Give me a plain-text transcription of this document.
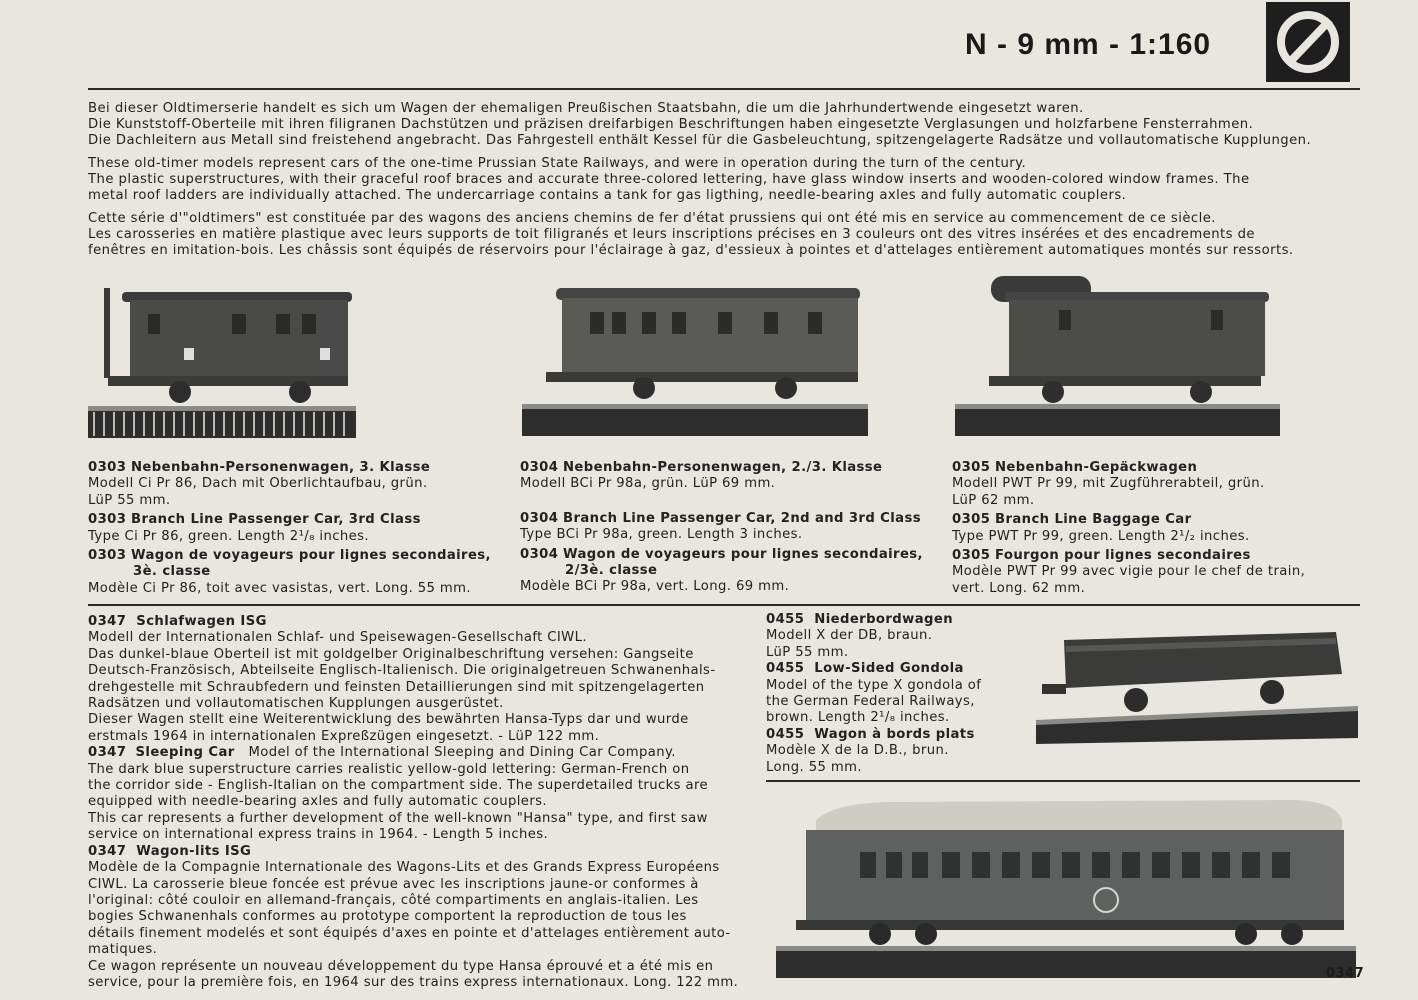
N - 9 mm - 1:160

Bei dieser Oldtimerserie handelt es sich um Wagen der ehemaligen Preußischen Staatsbahn, die um die Jahrhundertwende eingesetzt waren.

Die Kunststoff-Oberteile mit ihren filigranen Dachstützen und präzisen dreifarbigen Beschriftungen haben eingesetzte Verglasungen und holzfarbene Fensterrahmen.

Die Dachleitern aus Metall sind freistehend angebracht. Das Fahrgestell enthält Kessel für die Gasbeleuchtung, spitzengelagerte Radsätze und vollautomatische Kupplungen.

These old-timer models represent cars of the one-time Prussian State Railways, and were in operation during the turn of the century.

The plastic superstructures, with their graceful roof braces and accurate three-colored lettering, have glass window inserts and wooden-colored window frames. The

metal roof ladders are individually attached. The undercarriage contains a tank for gas ligthing, needle-bearing axles and fully automatic couplers.

Cette série d'"oldtimers" est constituée par des wagons des anciens chemins de fer d'état prussiens qui ont été mis en service au commencement de ce siècle.

Les carosseries en matière plastique avec leurs supports de toit filigranés et leurs inscriptions précises en 3 couleurs ont des vitres insérées et des encadrements de

fenêtres en imitation-bois. Les châssis sont équipés de réservoirs pour l'éclairage à gaz, d'essieux à pointes et d'attelages entièrement automatiques montés sur ressorts.

0303 Nebenbahn-Personenwagen, 3. Klasse
Modell Ci Pr 86, Dach mit Oberlichtaufbau, grün.
LüP 55 mm.
0303 Branch Line Passenger Car, 3rd Class
Type Ci Pr 86, green. Length 2¹/₈ inches.
0303 Wagon de voyageurs pour lignes secondaires,
3è. classe
Modèle Ci Pr 86, toit avec vasistas, vert. Long. 55 mm.
0304 Nebenbahn-Personenwagen, 2./3. Klasse
Modell BCi Pr 98a, grün. LüP 69 mm.
0304 Branch Line Passenger Car, 2nd and 3rd Class
Type BCi Pr 98a, green. Length 3 inches.
0304 Wagon de voyageurs pour lignes secondaires,
2/3è. classe
Modèle BCi Pr 98a, vert. Long. 69 mm.
0305 Nebenbahn-Gepäckwagen
Modell PWT Pr 99, mit Zugführerabteil, grün.
LüP 62 mm.
0305 Branch Line Baggage Car
Type PWT Pr 99, green. Length 2¹/₂ inches.
0305 Fourgon pour lignes secondaires
Modèle PWT Pr 99 avec vigie pour le chef de train,
vert. Long. 62 mm.
0347 Schlafwagen ISG
Modell der Internationalen Schlaf- und Speisewagen-Gesellschaft CIWL.
Das dunkel-blaue Oberteil ist mit goldgelber Originalbeschriftung versehen: Gangseite
Deutsch-Französisch, Abteilseite Englisch-Italienisch. Die originalgetreuen Schwanenhals-
drehgestelle mit Schraubfedern und feinsten Detaillierungen sind mit spitzengelagerten
Radsätzen und vollautomatischen Kupplungen ausgerüstet.
Dieser Wagen stellt eine Weiterentwicklung des bewährten Hansa-Typs dar und wurde
erstmals 1964 in internationalen Expreßzügen eingesetzt. - LüP 122 mm.
0347 Sleeping Car Model of the International Sleeping and Dining Car Company.
The dark blue superstructure carries realistic yellow-gold lettering: German-French on
the corridor side - English-Italian on the compartment side. The superdetailed trucks are
equipped with needle-bearing axles and fully automatic couplers.
This car represents a further development of the well-known "Hansa" type, and first saw
service on international express trains in 1964. - Length 5 inches.
0347 Wagon-lits ISG
Modèle de la Compagnie Internationale des Wagons-Lits et des Grands Express Européens
CIWL. La carosserie bleue foncée est prévue avec les inscriptions jaune-or conformes à
l'original: côté couloir en allemand-français, côté compartiments en anglais-italien. Les
bogies Schwanenhals conformes au prototype comportent la reproduction de tous les
détails finement modelés et sont équipés d'axes en pointe et d'attelages entièrement auto-
matiques.
Ce wagon représente un nouveau développement du type Hansa éprouvé et a été mis en
service, pour la première fois, en 1964 sur des trains express internationaux. Long. 122 mm.
0455 Niederbordwagen
Modell X der DB, braun.
LüP 55 mm.
0455 Low-Sided Gondola
Model of the type X gondola of
the German Federal Railways,
brown. Length 2¹/₈ inches.
0455 Wagon à bords plats
Modèle X de la D.B., brun.
Long. 55 mm.
0347
